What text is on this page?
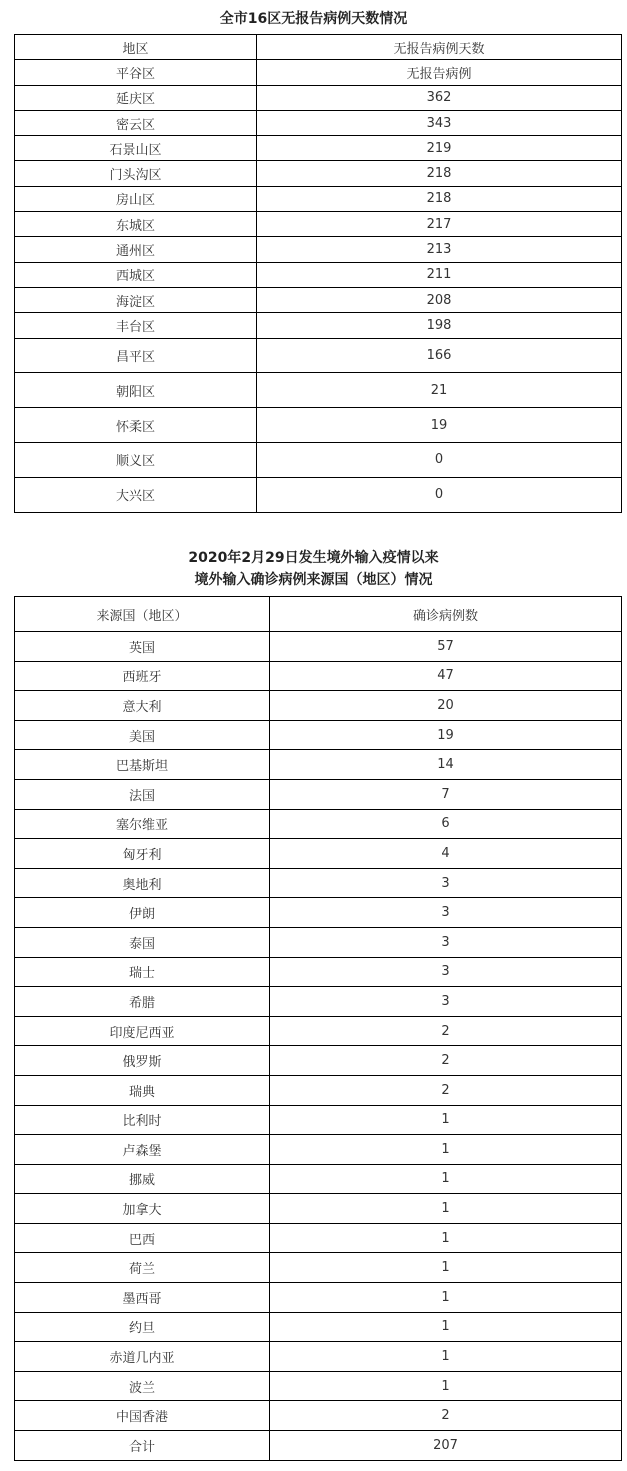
全市16区无报告病例天数情况
地区	无报告病例天数
平谷区	无报告病例
延庆区	362
密云区	343
石景山区	219
门头沟区	218
房山区	218
东城区	217
通州区	213
西城区	211
海淀区	208
丰台区	198
昌平区	166
朝阳区	21
怀柔区	19
顺义区	0
大兴区	0
2020年2月29日发生境外输入疫情以来
境外输入确诊病例来源国（地区）情况
来源国（地区）	确诊病例数
英国	57
西班牙	47
意大利	20
美国	19
巴基斯坦	14
法国	7
塞尔维亚	6
匈牙利	4
奥地利	3
伊朗	3
泰国	3
瑞士	3
希腊	3
印度尼西亚	2
俄罗斯	2
瑞典	2
比利时	1
卢森堡	1
挪威	1
加拿大	1
巴西	1
荷兰	1
墨西哥	1
约旦	1
赤道几内亚	1
波兰	1
中国香港	2
合计	207
